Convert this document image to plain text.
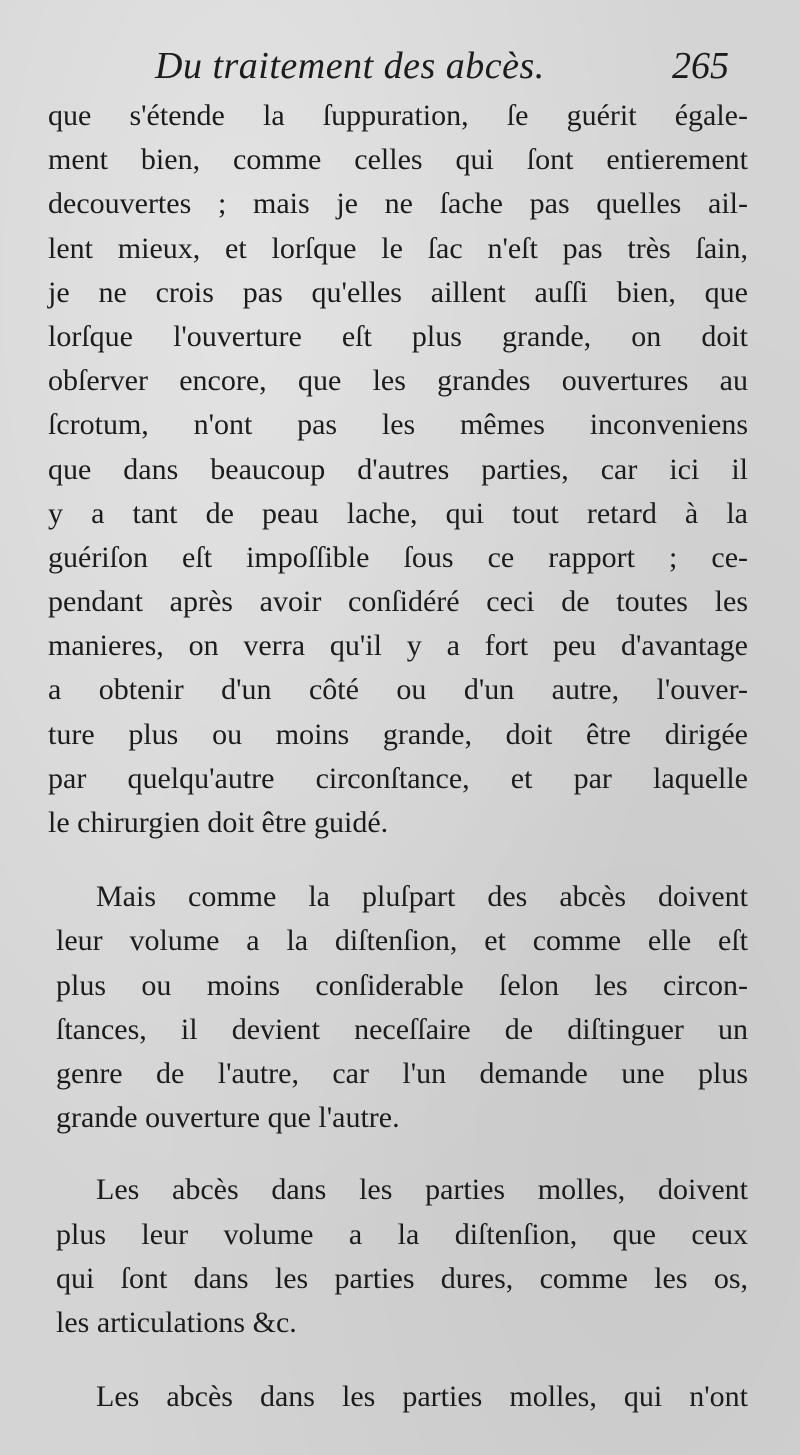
Du traitement des abcès.	265
que s'étende la ſuppuration, ſe guérit égale-
ment bien, comme celles qui ſont entierement
decouvertes ; mais je ne ſache pas quelles ail-
lent mieux, et lorſque le ſac n'eſt pas très ſain,
je ne crois pas qu'elles aillent auſſi bien, que
lorſque l'ouverture eſt plus grande, on doit
obſerver encore, que les grandes ouvertures au
ſcrotum, n'ont pas les mêmes inconveniens
que dans beaucoup d'autres parties, car ici il
y a tant de peau lache, qui tout retard à la
guériſon eſt impoſſible ſous ce rapport ; ce-
pendant après avoir conſidéré ceci de toutes les
manieres, on verra qu'il y a fort peu d'avantage
a obtenir d'un côté ou d'un autre, l'ouver-
ture plus ou moins grande, doit être dirigée
par quelqu'autre circonſtance, et par laquelle
le chirurgien doit être guidé.
Mais comme la pluſpart des abcès doivent
leur volume a la diſtenſion, et comme elle eſt
plus ou moins conſiderable ſelon les circon-
ſtances, il devient neceſſaire de diſtinguer un
genre de l'autre, car l'un demande une plus
grande ouverture que l'autre.
Les abcès dans les parties molles, doivent
plus leur volume a la diſtenſion, que ceux
qui ſont dans les parties dures, comme les os,
les articulations &c.
Les abcès dans les parties molles, qui n'ont
